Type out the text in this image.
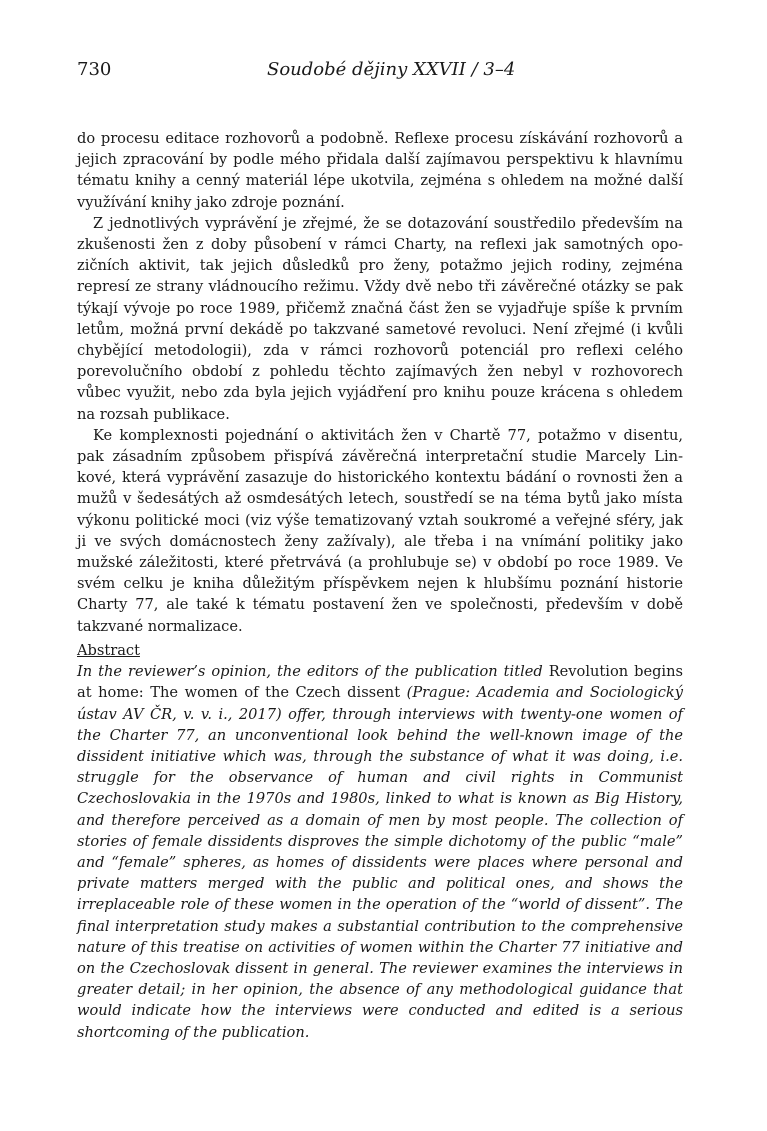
730	Soudobé dějiny XXVII / 3–4

do procesu editace rozhovorů a podobně. Reflexe procesu získávání rozhovorů a jejich zpracování by podle mého přidala další zajímavou perspektivu k hlavnímu tématu knihy a cenný materiál lépe ukotvila, zejména s ohledem na možné další využívání knihy jako zdroje poznání.

Z jednotlivých vyprávění je zřejmé, že se dotazování soustředilo především na zkušenosti žen z doby působení v rámci Charty, na reflexi jak samotných opozičních aktivit, tak jejich důsledků pro ženy, potažmo jejich rodiny, zejména represí ze strany vládnoucího režimu. Vždy dvě nebo tři závěrečné otázky se pak týkají vývoje po roce 1989, přičemž značná část žen se vyjadřuje spíše k prvním letům, možná první dekádě po takzvané sametové revoluci. Není zřejmé (i kvůli chybějící metodologii), zda v rámci rozhovorů potenciál pro reflexi celého porevolučního období z pohledu těchto zajímavých žen nebyl v rozhovorech vůbec využit, nebo zda byla jejich vyjádření pro knihu pouze krácena s ohledem na rozsah publikace.

Ke komplexnosti pojednání o aktivitách žen v Chartě 77, potažmo v disentu, pak zásadním způsobem přispívá závěrečná interpretační studie Marcely Linkové, která vyprávění zasazuje do historického kontextu bádání o rovnosti žen a mužů v šedesátých až osmdesátých letech, soustředí se na téma bytů jako místa výkonu politické moci (viz výše tematizovaný vztah soukromé a veřejné sféry, jak ji ve svých domácnostech ženy zažívaly), ale třeba i na vnímání politiky jako mužské záležitosti, které přetrvává (a prohlubuje se) v období po roce 1989. Ve svém celku je kniha důležitým příspěvkem nejen k hlubšímu poznání historie Charty 77, ale také k tématu postavení žen ve společnosti, především v době takzvané normalizace.

Abstract

In the reviewer’s opinion, the editors of the publication titled Revolution begins at home: The women of the Czech dissent (Prague: Academia and Sociologický ústav AV ČR, v. v. i., 2017) offer, through interviews with twenty-one women of the Charter 77, an unconventional look behind the well-known image of the dissident initiative which was, through the substance of what it was doing, i.e. struggle for the observance of human and civil rights in Communist Czechoslovakia in the 1970s and 1980s, linked to what is known as Big History, and therefore perceived as a domain of men by most people. The collection of stories of female dissidents disproves the simple dichotomy of the public “male” and “female” spheres, as homes of dissidents were places where personal and private matters merged with the public and political ones, and shows the irreplaceable role of these women in the operation of the “world of dissent”. The final interpretation study makes a substantial contribution to the comprehensive nature of this treatise on activities of women within the Charter 77 initiative and on the Czechoslovak dissent in general. The reviewer examines the interviews in greater detail; in her opinion, the absence of any methodological guidance that would indicate how the interviews were conducted and edited is a serious shortcoming of the publication.
